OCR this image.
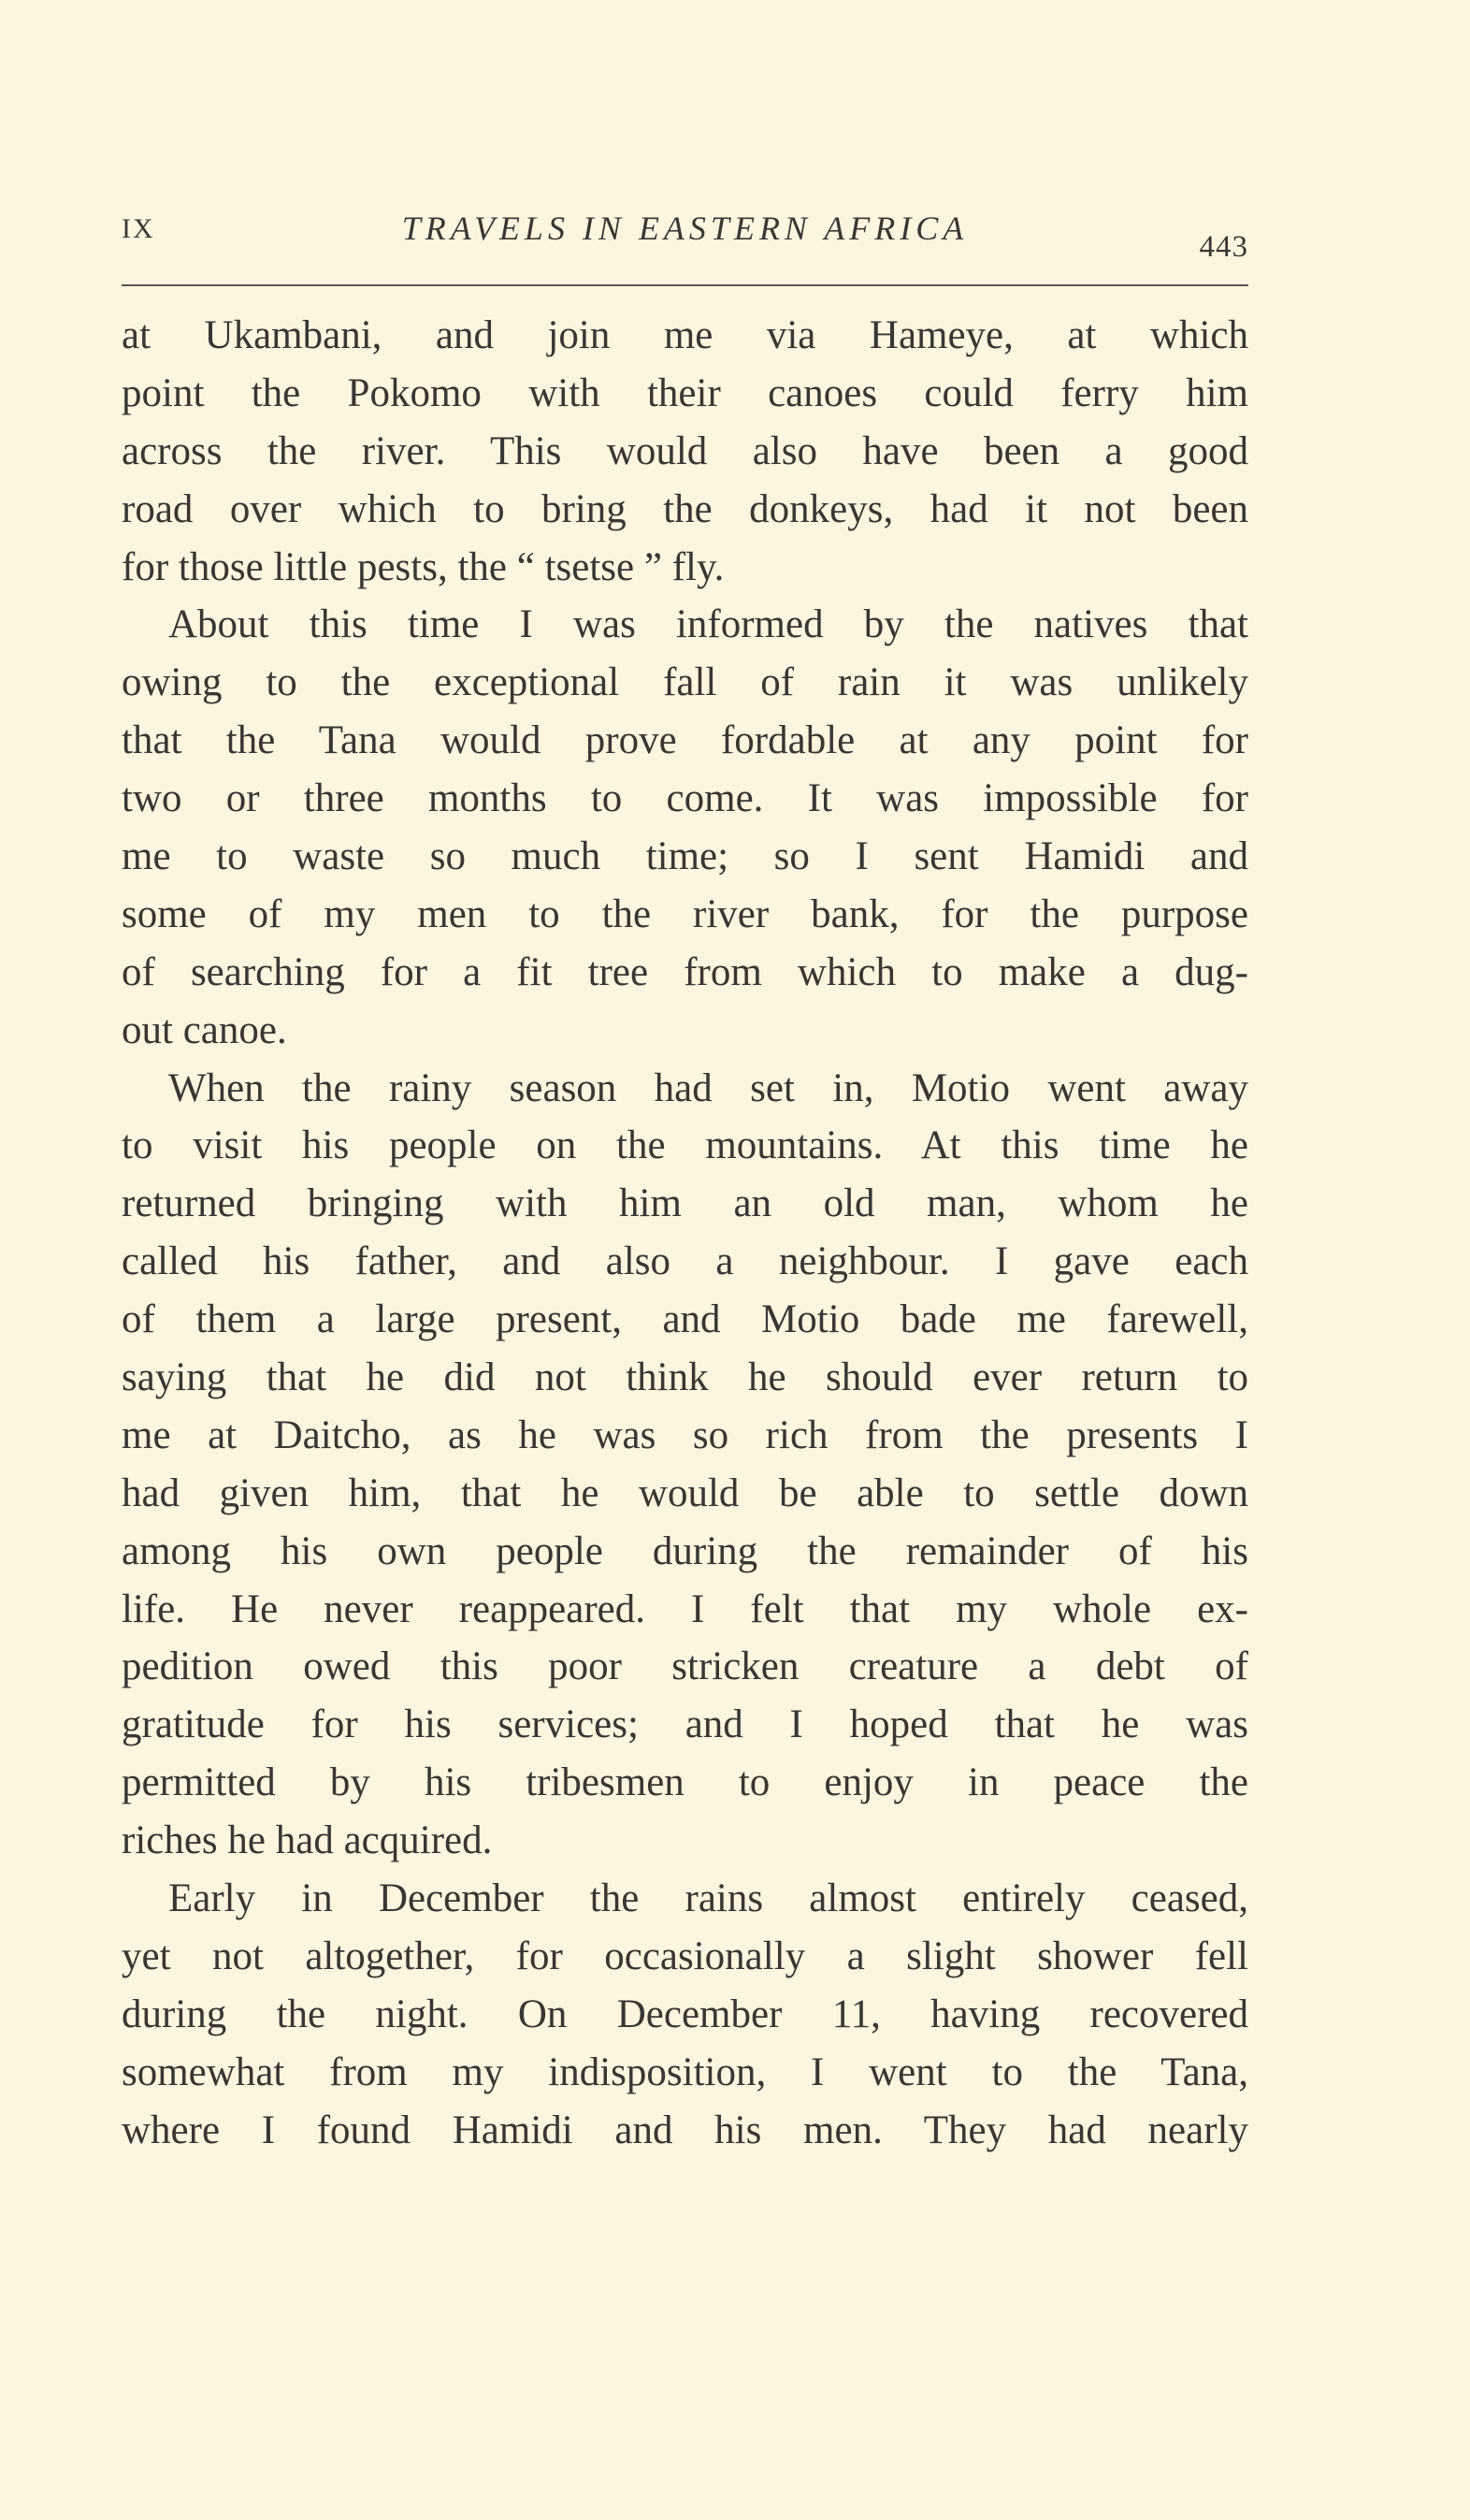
IX	TRAVELS IN EASTERN AFRICA	443
at Ukambani, and join me via Hameye, at which
point the Pokomo with their canoes could ferry him
across the river. This would also have been a good
road over which to bring the donkeys, had it not been
for those little pests, the “ tsetse ” fly.
About this time I was informed by the natives that
owing to the exceptional fall of rain it was unlikely
that the Tana would prove fordable at any point for
two or three months to come. It was impossible for
me to waste so much time; so I sent Hamidi and
some of my men to the river bank, for the purpose
of searching for a fit tree from which to make a dug-
out canoe.
When the rainy season had set in, Motio went away
to visit his people on the mountains. At this time he
returned bringing with him an old man, whom he
called his father, and also a neighbour. I gave each
of them a large present, and Motio bade me farewell,
saying that he did not think he should ever return to
me at Daitcho, as he was so rich from the presents I
had given him, that he would be able to settle down
among his own people during the remainder of his
life. He never reappeared. I felt that my whole ex-
pedition owed this poor stricken creature a debt of
gratitude for his services; and I hoped that he was
permitted by his tribesmen to enjoy in peace the
riches he had acquired.
Early in December the rains almost entirely ceased,
yet not altogether, for occasionally a slight shower fell
during the night. On December 11, having recovered
somewhat from my indisposition, I went to the Tana,
where I found Hamidi and his men. They had nearly
